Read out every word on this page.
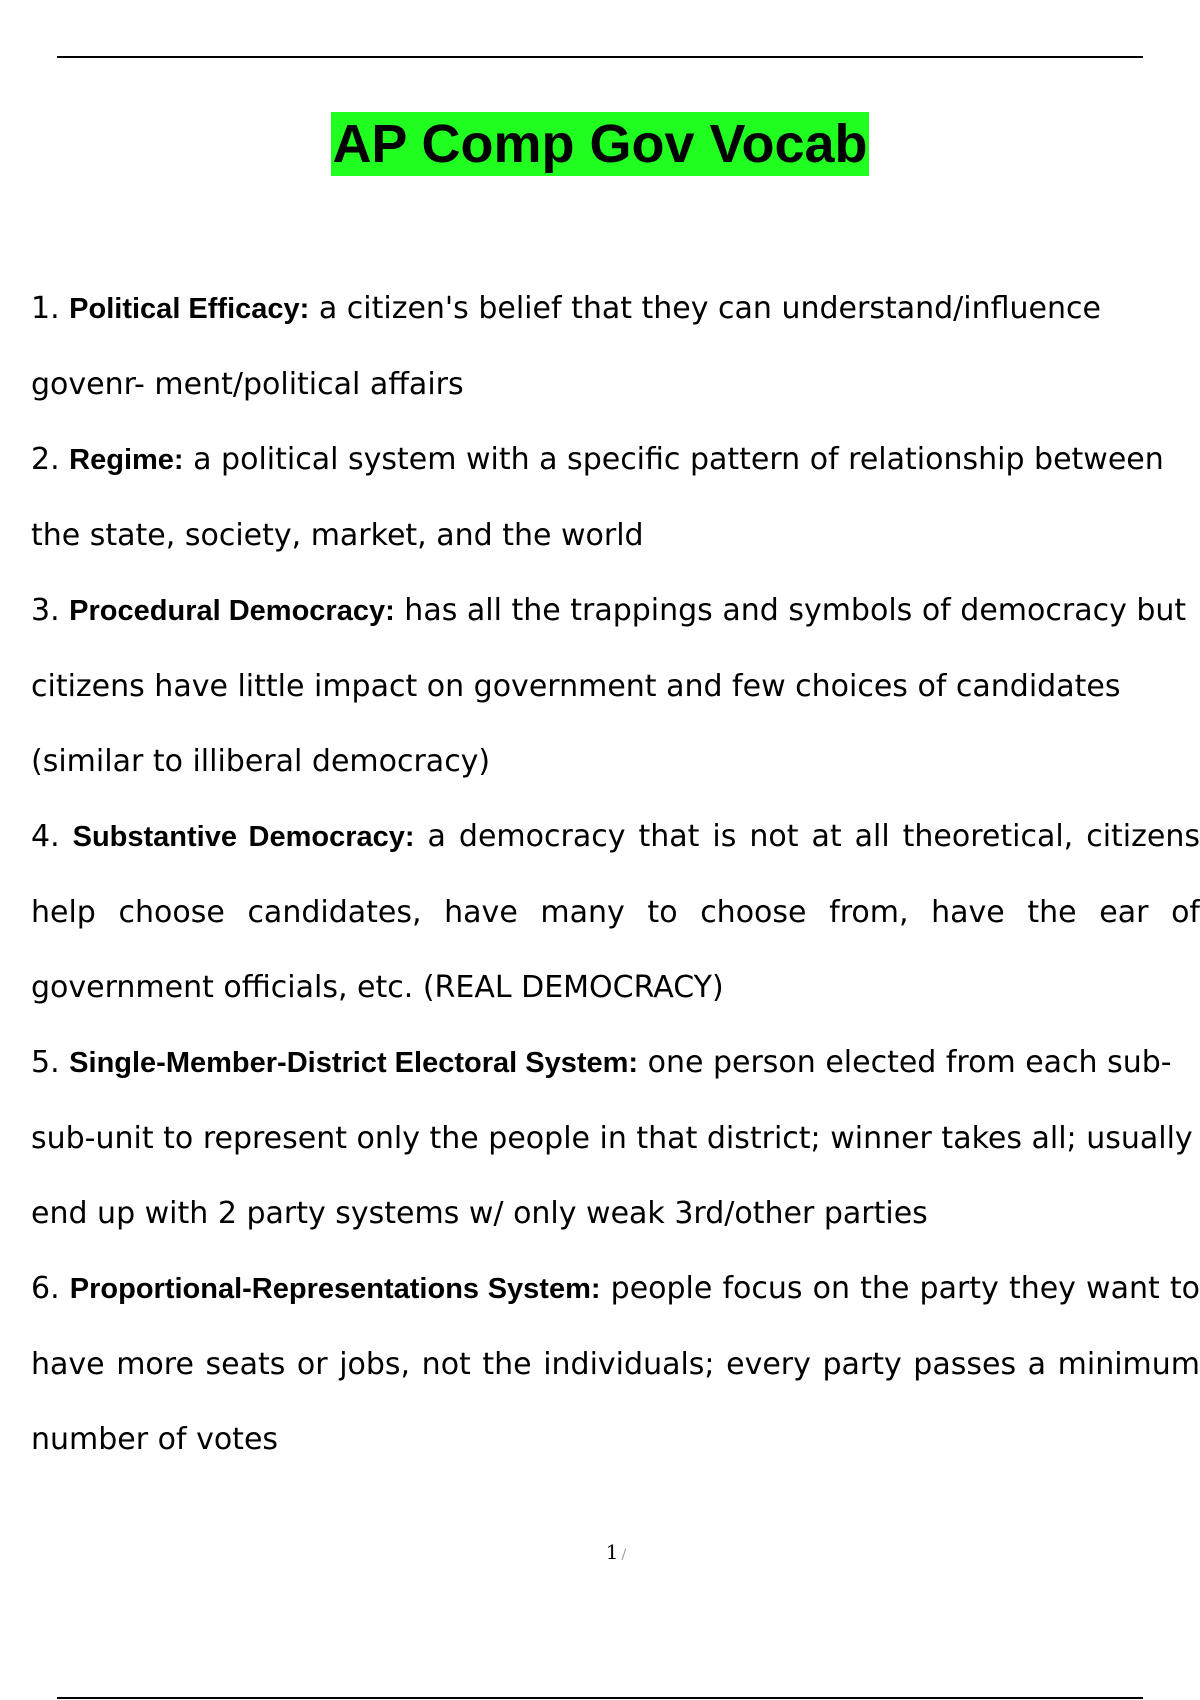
AP Comp Gov Vocab
1. Political Efficacy: a citizen's belief that they can understand/influence govenr- ment/political affairs
2. Regime: a political system with a specific pattern of relationship between the state, society, market, and the world
3. Procedural Democracy: has all the trappings and symbols of democracy but citizens have little impact on government and few choices of candidates (similar to illiberal democracy)
4. Substantive Democracy: a democracy that is not at all theoretical, citizens help choose candidates, have many to choose from, have the ear of government officials, etc. (REAL DEMOCRACY)
5. Single-Member-District Electoral System: one person elected from each sub-sub-unit to represent only the people in that district; winner takes all; usually end up with 2 party systems w/ only weak 3rd/other parties
6. Proportional-Representations System: people focus on the party they want to have more seats or jobs, not the individuals; every party passes a minimum number of votes
1 /
